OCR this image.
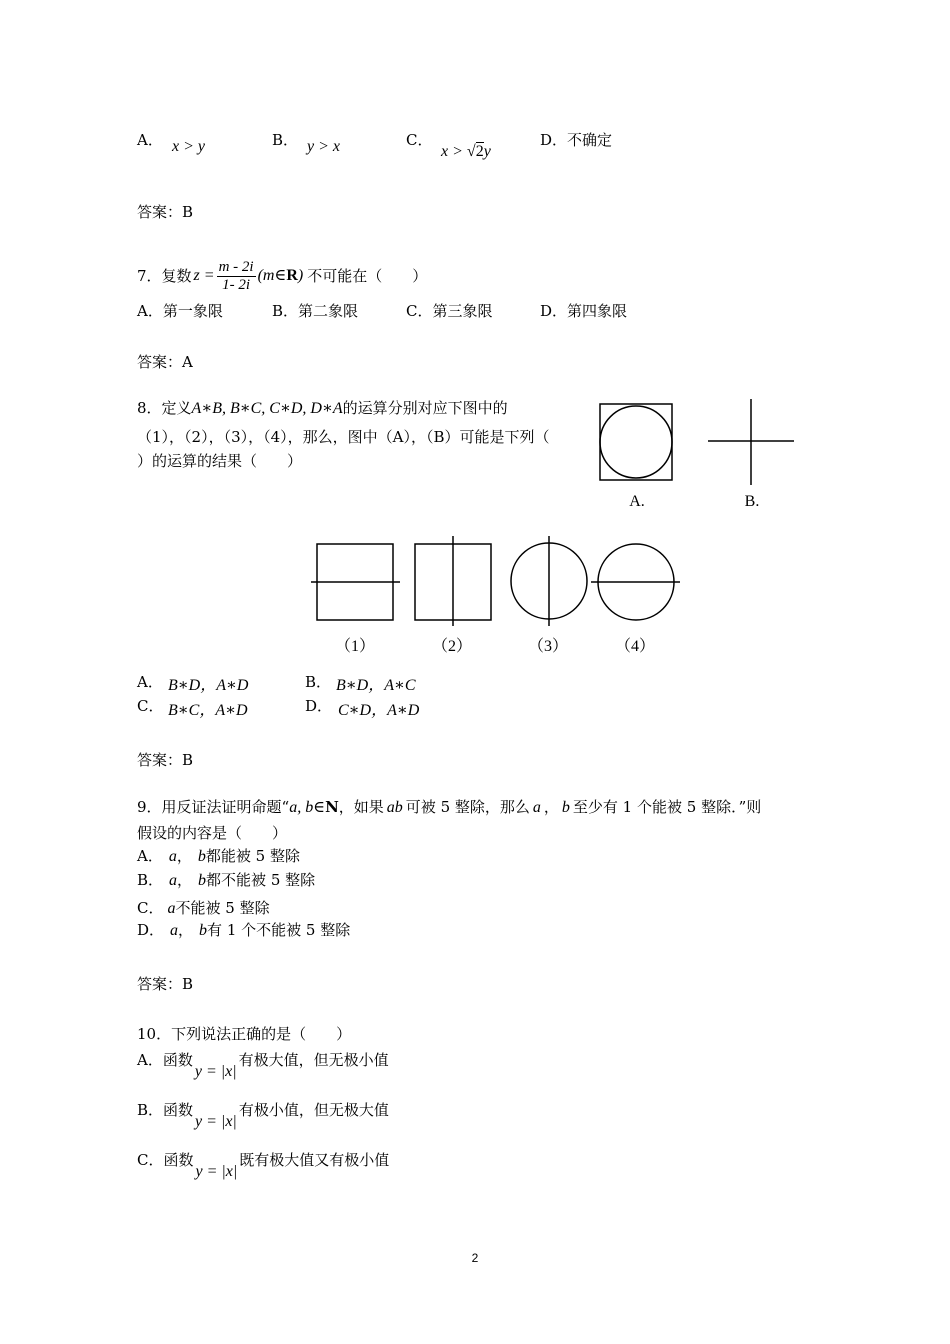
A． x > y	B． y > x	C．
x > √2y
D．不确定
答案：B
7．复数 $z = \frac{m - 2i}{1- 2i}$ (m∈R) 不可能在（　　）
A．第一象限	B．第二象限	C．第三象限	D．第四象限
答案：A
8．定义A∗B, B∗C, C∗D, D∗A的运算分别对应下图中的
（1），（2），（3），（4），那么，图中（A），（B）可能是下列（
）的运算的结果（　　）
A.	B.
（1）	（2）	（3）	（4）
A． B∗D，A∗D	B． B∗D，A∗C
C． B∗C，A∗D	D． C∗D，A∗D
答案：B
9．用反证法证明命题“a, b∈N，如果 ab 可被 5 整除，那么 a ， b 至少有 1 个能被 5 整除．”则
假设的内容是（　　）
A． a， b都能被 5 整除
B． a， b都不能被 5 整除
C． a不能被 5 整除
D． a， b有 1 个不能被 5 整除
答案：B
10．下列说法正确的是（　　）
A．函数y = |x|有极大值，但无极小值
B．函数y = |x|有极小值，但无极大值
C．函数y = |x|既有极大值又有极小值
2
